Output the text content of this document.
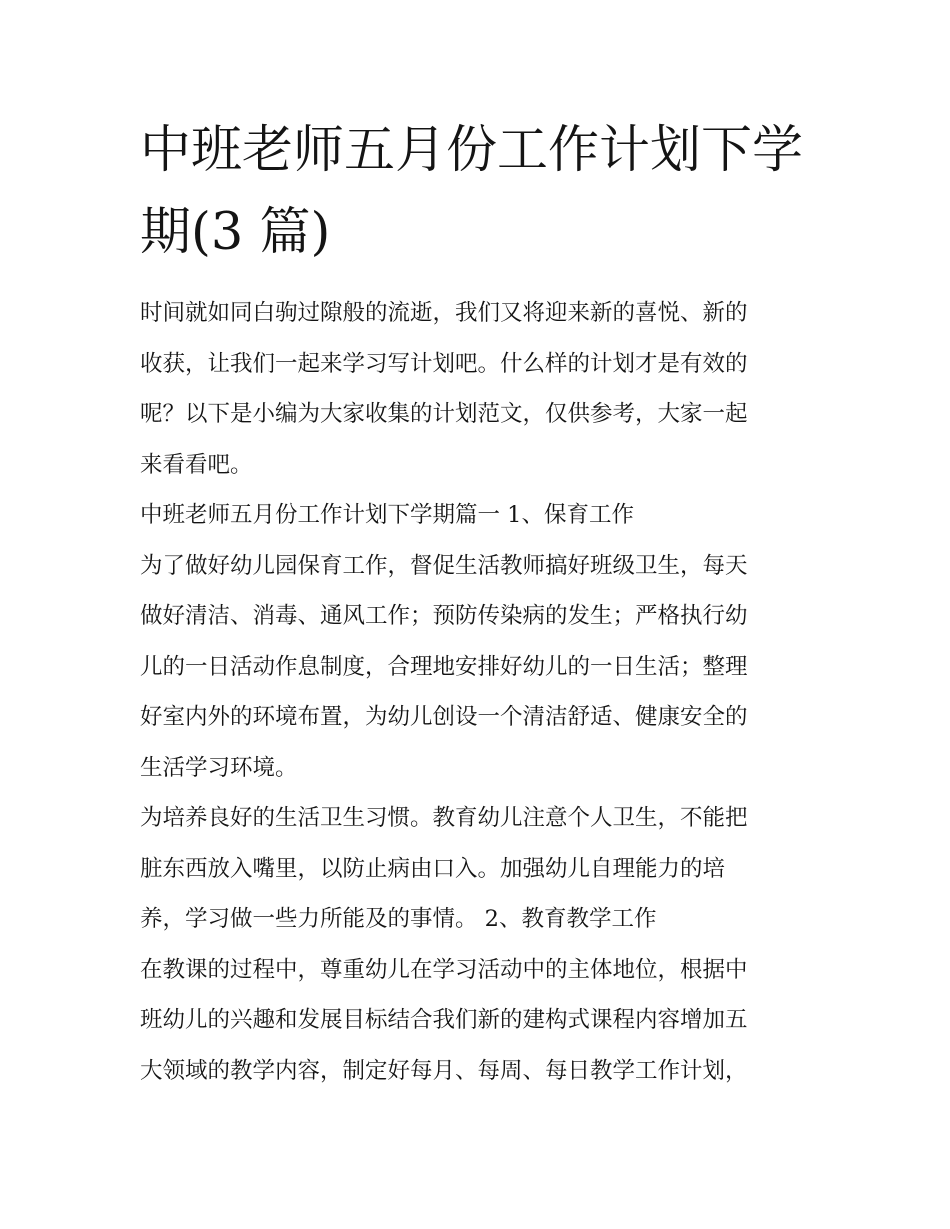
中班老师五月份工作计划下学
期(3 篇)

时间就如同白驹过隙般的流逝，我们又将迎来新的喜悦、新的
收获，让我们一起来学习写计划吧。什么样的计划才是有效的
呢？以下是小编为大家收集的计划范文，仅供参考，大家一起
来看看吧。

中班老师五月份工作计划下学期篇一 1、保育工作

为了做好幼儿园保育工作，督促生活教师搞好班级卫生，每天
做好清洁、消毒、通风工作；预防传染病的发生；严格执行幼
儿的一日活动作息制度，合理地安排好幼儿的一日生活；整理
好室内外的环境布置，为幼儿创设一个清洁舒适、健康安全的
生活学习环境。

为培养良好的生活卫生习惯。教育幼儿注意个人卫生，不能把
脏东西放入嘴里，以防止病由口入。加强幼儿自理能力的培
养，学习做一些力所能及的事情。 2、教育教学工作

在教课的过程中，尊重幼儿在学习活动中的主体地位，根据中
班幼儿的兴趣和发展目标结合我们新的建构式课程内容增加五
大领域的教学内容，制定好每月、每周、每日教学工作计划，
